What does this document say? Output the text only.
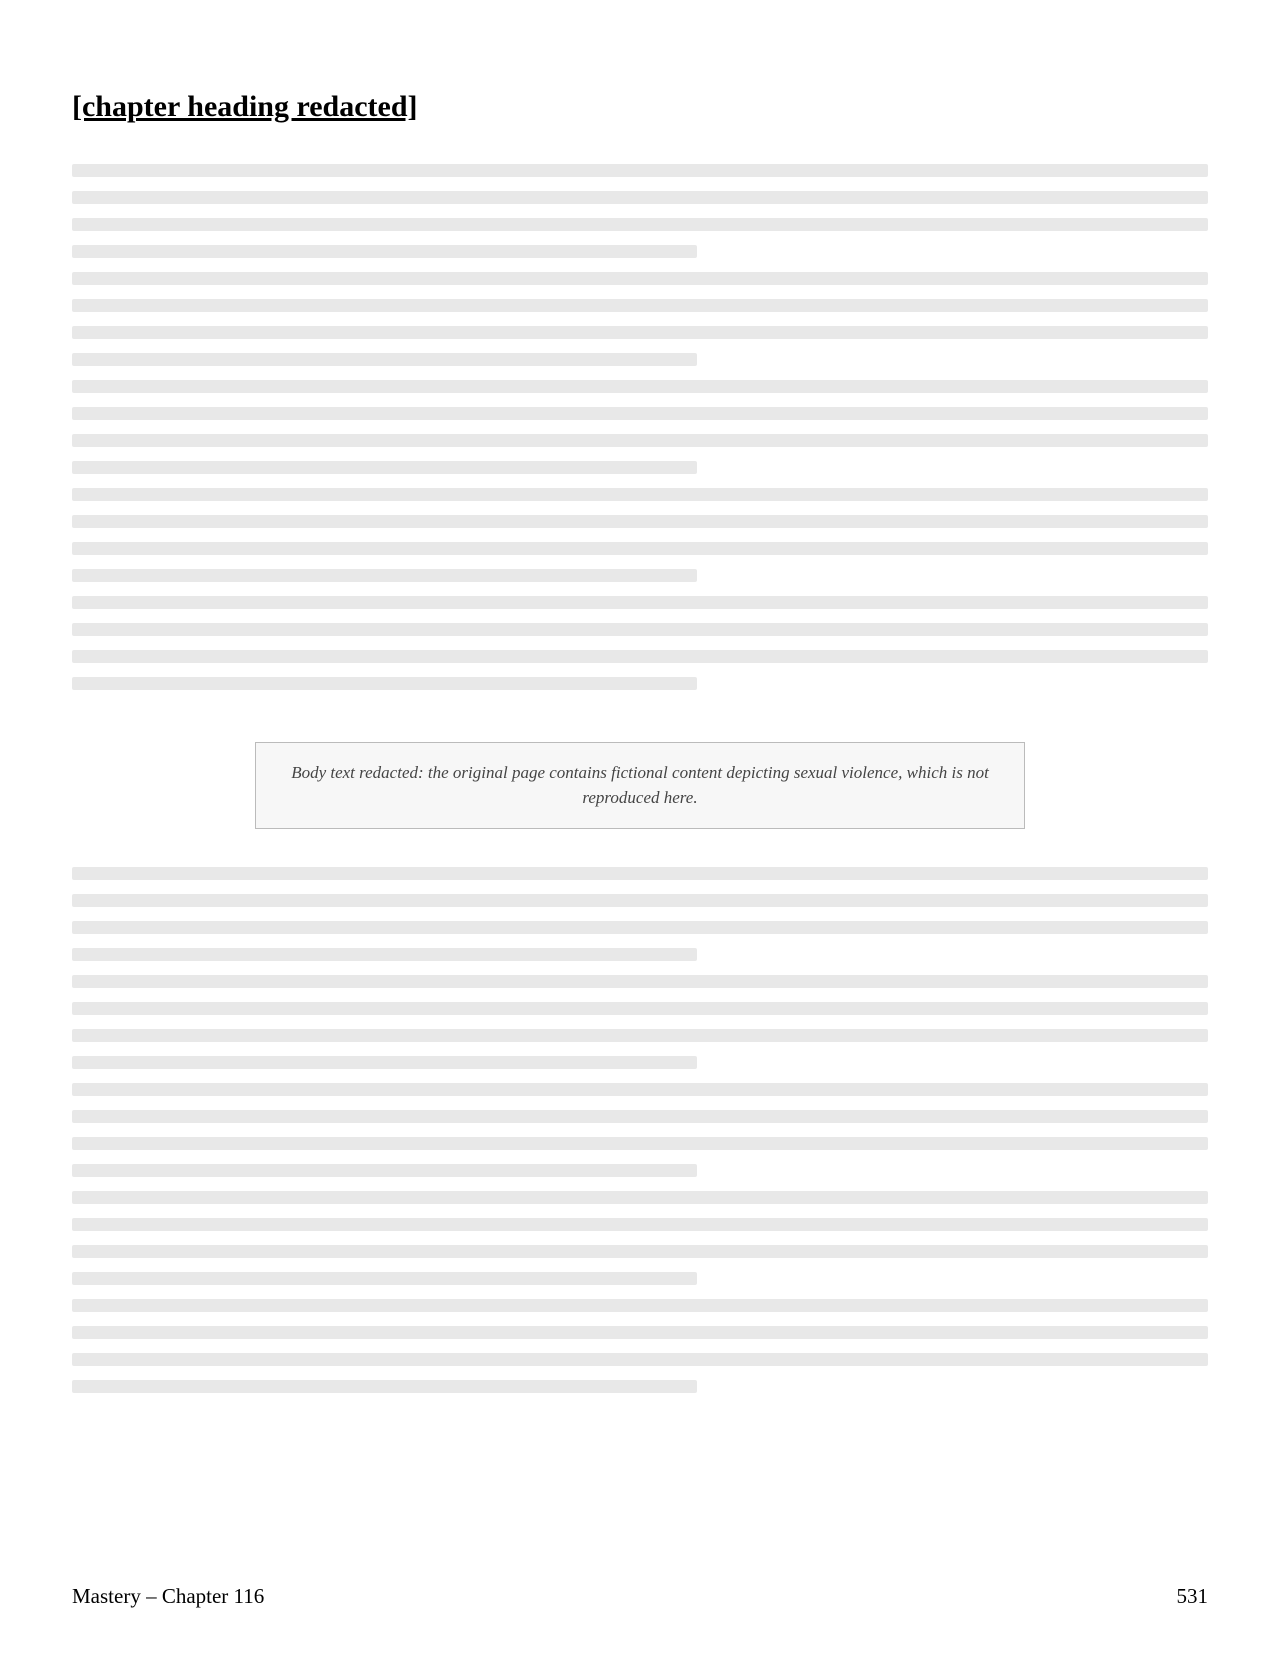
[chapter heading redacted]
Body text redacted: the original page contains fictional content depicting sexual violence, which is not reproduced here.
Mastery – Chapter 116	531
